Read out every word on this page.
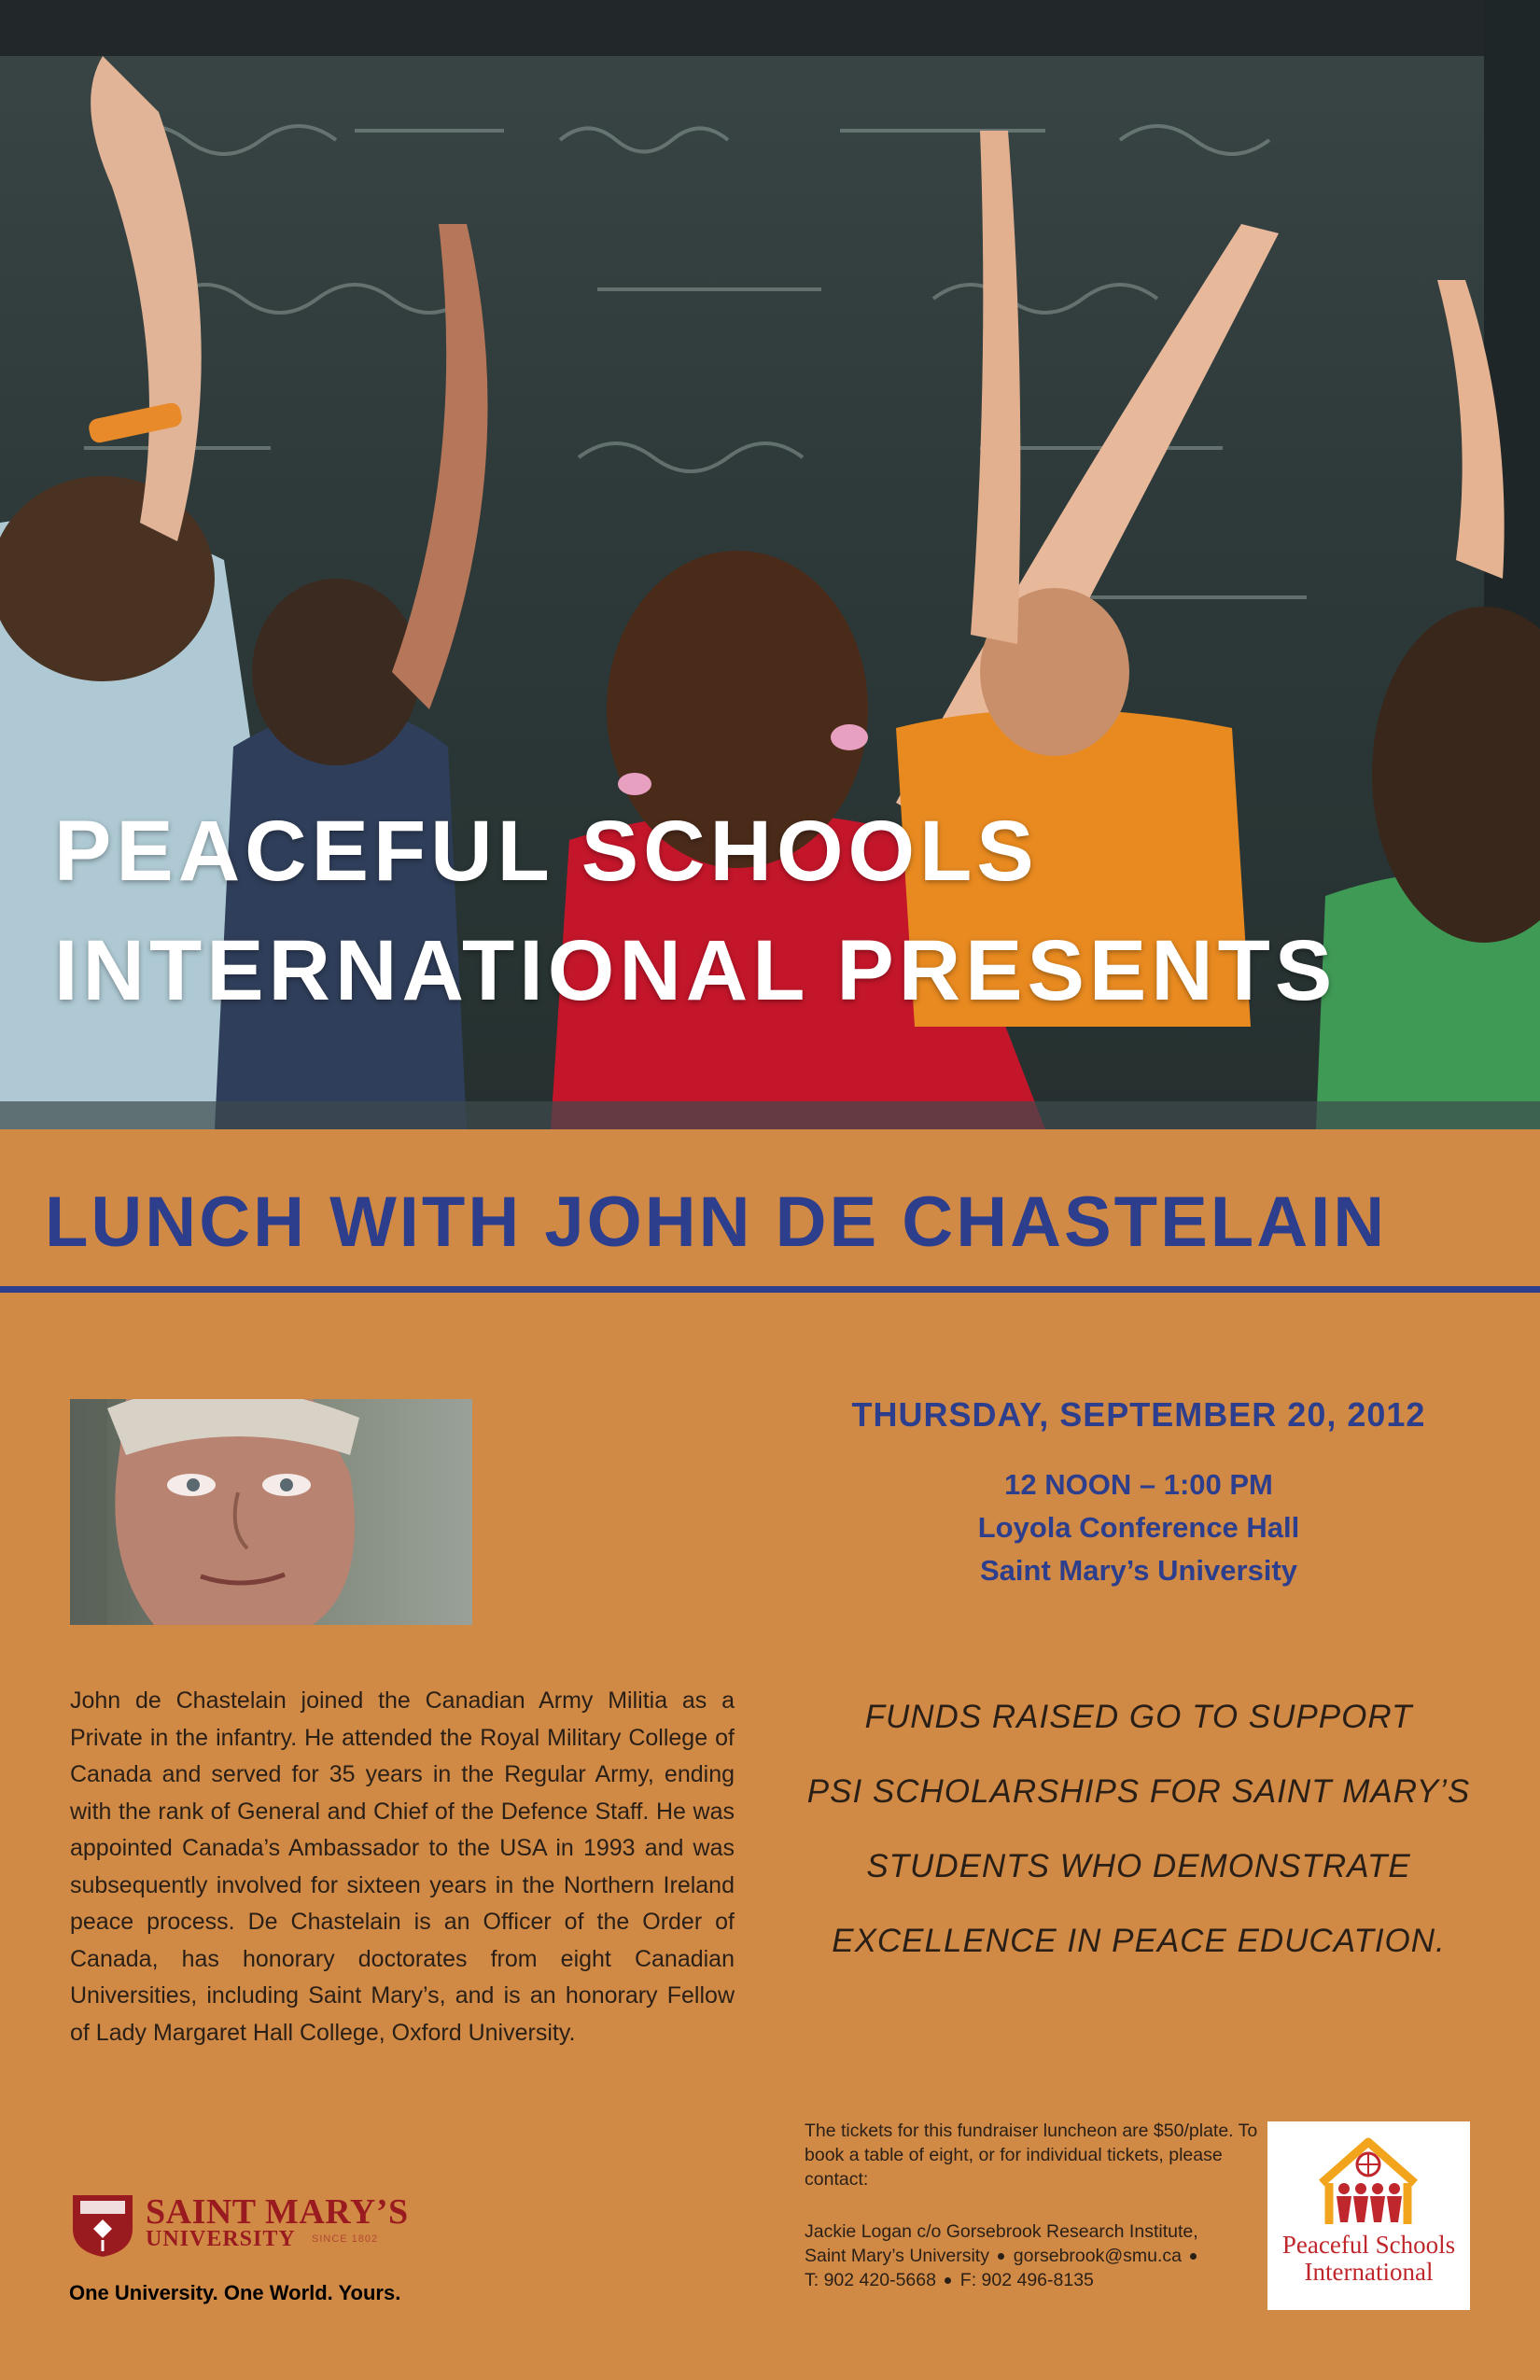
PEACEFUL SCHOOLS
INTERNATIONAL PRESENTS
LUNCH WITH JOHN DE CHASTELAIN
John de Chastelain joined the Canadian Army Militia as a Private in the infantry. He attended the Royal Military College of Canada and served for 35 years in the Regular Army, ending with the rank of General and Chief of the Defence Staff. He was appointed Canada’s Ambassador to the USA in 1993 and was subsequently involved for sixteen years in the Northern Ireland peace process. De Chastelain is an Officer of the Order of Canada, has honorary doctorates from eight Canadian Universities, including Saint Mary’s, and is an honorary Fellow of Lady Margaret Hall College, Oxford University.
THURSDAY, SEPTEMBER 20, 2012
12 NOON – 1:00 PM
Loyola Conference Hall
Saint Mary’s University
FUNDS RAISED GO TO SUPPORT
PSI SCHOLARSHIPS FOR SAINT MARY’S
STUDENTS WHO DEMONSTRATE
EXCELLENCE IN PEACE EDUCATION.

The tickets for this fundraiser luncheon are $50/plate. To book a table of eight, or for individual tickets, please contact:

Jackie Logan c/o Gorsebrook Research Institute,
Saint Mary’s University gorsebrook@smu.ca
T: 902 420-5668 F: 902 496-8135
Peaceful Schools
International
SAINT MARY’S
UNIVERSITY SINCE 1802
One University. One World. Yours.
